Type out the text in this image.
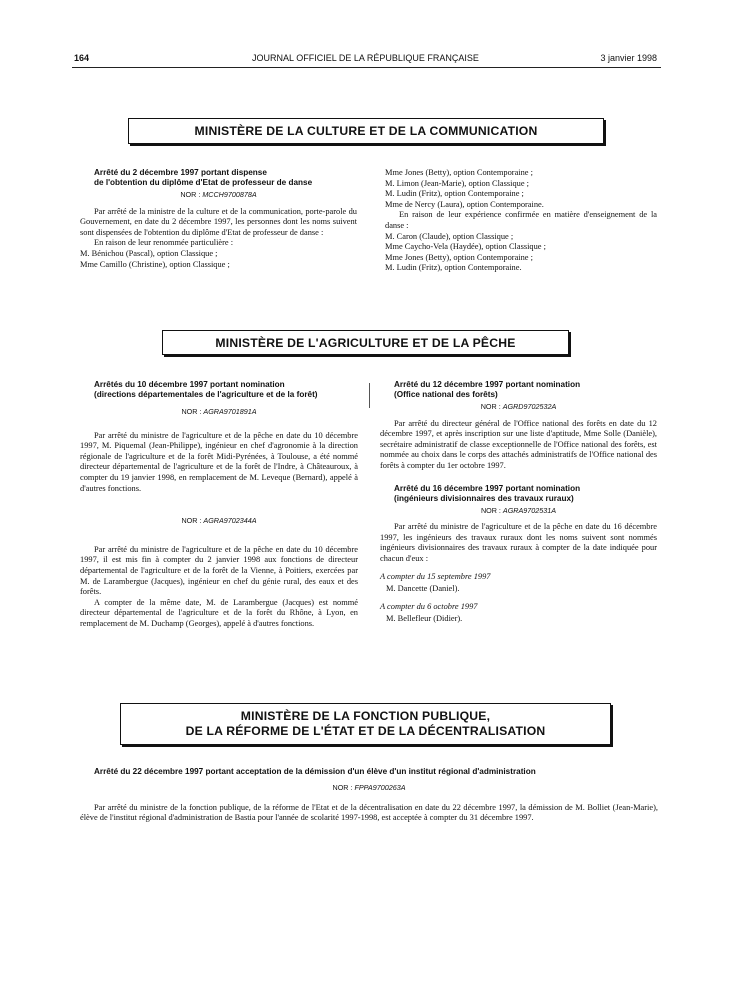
164	JOURNAL OFFICIEL DE LA RÉPUBLIQUE FRANÇAISE	3 janvier 1998
MINISTÈRE DE LA CULTURE ET DE LA COMMUNICATION

Arrêté du 2 décembre 1997 portant dispense

de l'obtention du diplôme d'Etat de professeur de danse

NOR : MCCH9700878A

Par arrêté de la ministre de la culture et de la communication, porte-parole du Gouvernement, en date du 2 décembre 1997, les personnes dont les noms suivent sont dispensées de l'obtention du diplôme d'Etat de professeur de danse :

En raison de leur renommée particulière :

M. Bénichou (Pascal), option Classique ;
Mme Camillo (Christine), option Classique ;
Mme Jones (Betty), option Contemporaine ;
M. Limon (Jean-Marie), option Classique ;
M. Ludin (Fritz), option Contemporaine ;
Mme de Nercy (Laura), option Contemporaine.

En raison de leur expérience confirmée en matière d'enseignement de la danse :

M. Caron (Claude), option Classique ;
Mme Caycho-Vela (Haydée), option Classique ;
Mme Jones (Betty), option Contemporaine ;
M. Ludin (Fritz), option Contemporaine.
MINISTÈRE DE L'AGRICULTURE ET DE LA PÊCHE

Arrêtés du 10 décembre 1997 portant nomination

(directions départementales de l'agriculture et de la forêt)

NOR : AGRA9701891A

Par arrêté du ministre de l'agriculture et de la pêche en date du 10 décembre 1997, M. Piquemal (Jean-Philippe), ingénieur en chef d'agronomie à la direction régionale de l'agriculture et de la forêt Midi-Pyrénées, à Toulouse, a été nommé directeur départemental de l'agriculture et de la forêt de l'Indre, à Châteauroux, à compter du 19 janvier 1998, en remplacement de M. Leveque (Bernard), appelé à d'autres fonctions.

NOR : AGRA9702344A

Par arrêté du ministre de l'agriculture et de la pêche en date du 10 décembre 1997, il est mis fin à compter du 2 janvier 1998 aux fonctions de directeur départemental de l'agriculture et de la forêt de la Vienne, à Poitiers, exercées par M. de Larambergue (Jacques), ingénieur en chef du génie rural, des eaux et des forêts.

A compter de la même date, M. de Larambergue (Jacques) est nommé directeur départemental de l'agriculture et de la forêt du Rhône, à Lyon, en remplacement de M. Duchamp (Georges), appelé à d'autres fonctions.

Arrêté du 12 décembre 1997 portant nomination

(Office national des forêts)

NOR : AGRD9702532A

Par arrêté du directeur général de l'Office national des forêts en date du 12 décembre 1997, et après inscription sur une liste d'aptitude, Mme Solle (Danièle), secrétaire administratif de classe exceptionnelle de l'Office national des forêts, est nommée au choix dans le corps des attachés administratifs de l'Office national des forêts à compter du 1er octobre 1997.

Arrêté du 16 décembre 1997 portant nomination

(ingénieurs divisionnaires des travaux ruraux)

NOR : AGRA9702531A

Par arrêté du ministre de l'agriculture et de la pêche en date du 16 décembre 1997, les ingénieurs des travaux ruraux dont les noms suivent sont nommés ingénieurs divisionnaires des travaux ruraux à compter de la date indiquée pour chacun d'eux :

A compter du 15 septembre 1997

M. Dancette (Daniel).

A compter du 6 octobre 1997

M. Bellefleur (Didier).
MINISTÈRE DE LA FONCTION PUBLIQUE,
DE LA RÉFORME DE L'ÉTAT ET DE LA DÉCENTRALISATION

Arrêté du 22 décembre 1997 portant acceptation de la démission d'un élève d'un institut régional d'administration

NOR : FPPA9700263A

Par arrêté du ministre de la fonction publique, de la réforme de l'Etat et de la décentralisation en date du 22 décembre 1997, la démission de M. Bolliet (Jean-Marie), élève de l'institut régional d'administration de Bastia pour l'année de scolarité 1997-1998, est acceptée à compter du 31 décembre 1997.
